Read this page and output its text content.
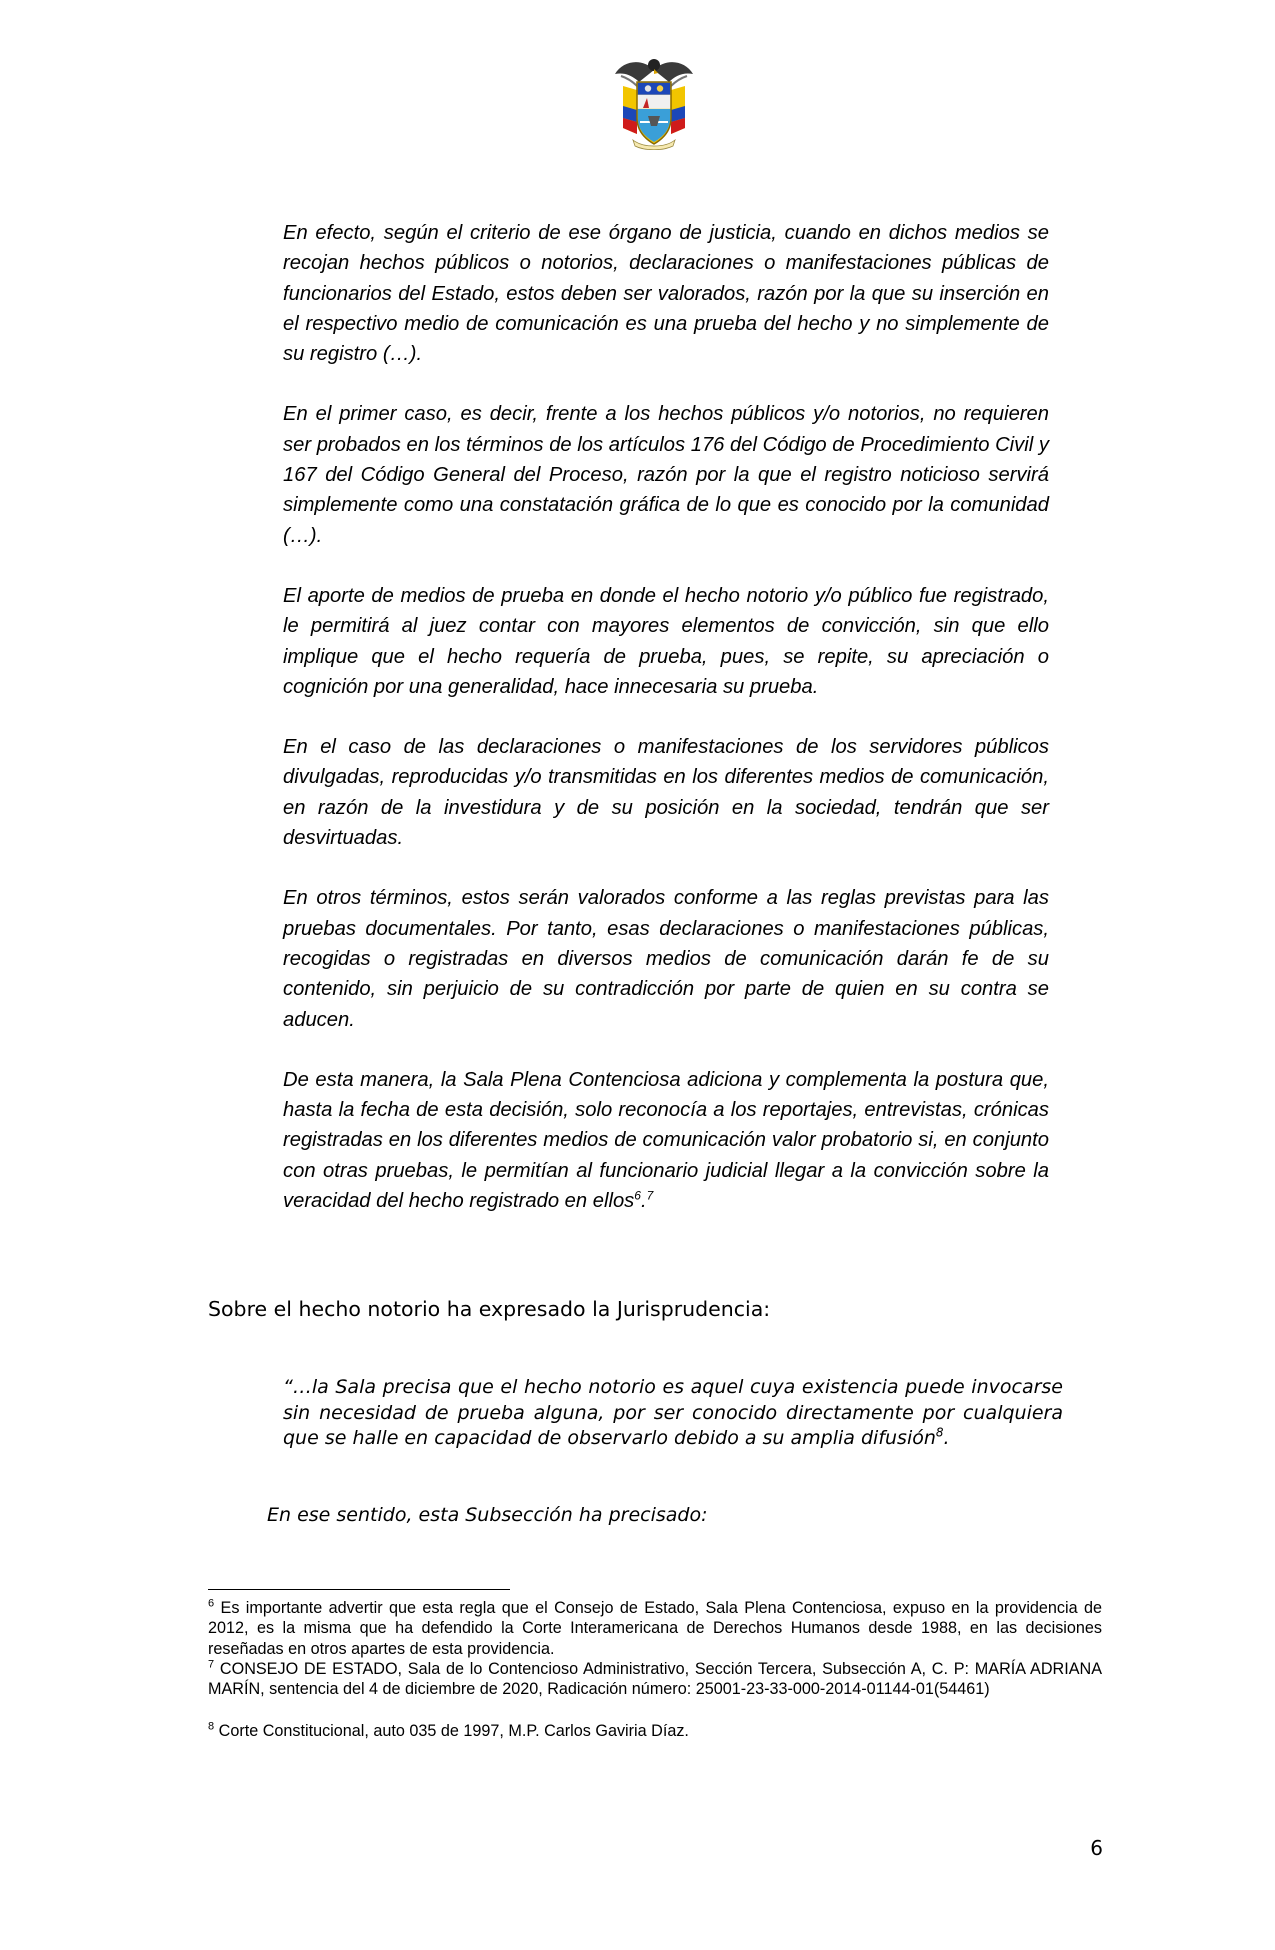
En efecto, según el criterio de ese órgano de justicia, cuando en dichos medios se recojan hechos públicos o notorios, declaraciones o manifestaciones públicas de funcionarios del Estado, estos deben ser valorados, razón por la que su inserción en el respectivo medio de comunicación es una prueba del hecho y no simplemente de su registro (…).

En el primer caso, es decir, frente a los hechos públicos y/o notorios, no requieren ser probados en los términos de los artículos 176 del Código de Procedimiento Civil y 167 del Código General del Proceso, razón por la que el registro noticioso servirá simplemente como una constatación gráfica de lo que es conocido por la comunidad (…).

El aporte de medios de prueba en donde el hecho notorio y/o público fue registrado, le permitirá al juez contar con mayores elementos de convicción, sin que ello implique que el hecho requería de prueba, pues, se repite, su apreciación o cognición por una generalidad, hace innecesaria su prueba.

En el caso de las declaraciones o manifestaciones de los servidores públicos divulgadas, reproducidas y/o transmitidas en los diferentes medios de comunicación, en razón de la investidura y de su posición en la sociedad, tendrán que ser desvirtuadas.

En otros términos, estos serán valorados conforme a las reglas previstas para las pruebas documentales. Por tanto, esas declaraciones o manifestaciones públicas, recogidas o registradas en diversos medios de comunicación darán fe de su contenido, sin perjuicio de su contradicción por parte de quien en su contra se aducen.

De esta manera, la Sala Plena Contenciosa adiciona y complementa la postura que, hasta la fecha de esta decisión, solo reconocía a los reportajes, entrevistas, crónicas registradas en los diferentes medios de comunicación valor probatorio si, en conjunto con otras pruebas, le permitían al funcionario judicial llegar a la convicción sobre la veracidad del hecho registrado en ellos$^6$.$^7$

Sobre el hecho notorio ha expresado la Jurisprudencia:

“…la Sala precisa que el hecho notorio es aquel cuya existencia puede invocarse sin necesidad de prueba alguna, por ser conocido directamente por cualquiera que se halle en capacidad de observarlo debido a su amplia difusión$^8$.

En ese sentido, esta Subsección ha precisado:

$^6$ Es importante advertir que esta regla que el Consejo de Estado, Sala Plena Contenciosa, expuso en la providencia de 2012, es la misma que ha defendido la Corte Interamericana de Derechos Humanos desde 1988, en las decisiones reseñadas en otros apartes de esta providencia.

$^7$ CONSEJO DE ESTADO, Sala de lo Contencioso Administrativo, Sección Tercera, Subsección A, C. P: MARÍA ADRIANA MARÍN, sentencia del 4 de diciembre de 2020, Radicación número: 25001-23-33-000-2014-01144-01(54461)

$^8$ Corte Constitucional, auto 035 de 1997, M.P. Carlos Gaviria Díaz.

6
